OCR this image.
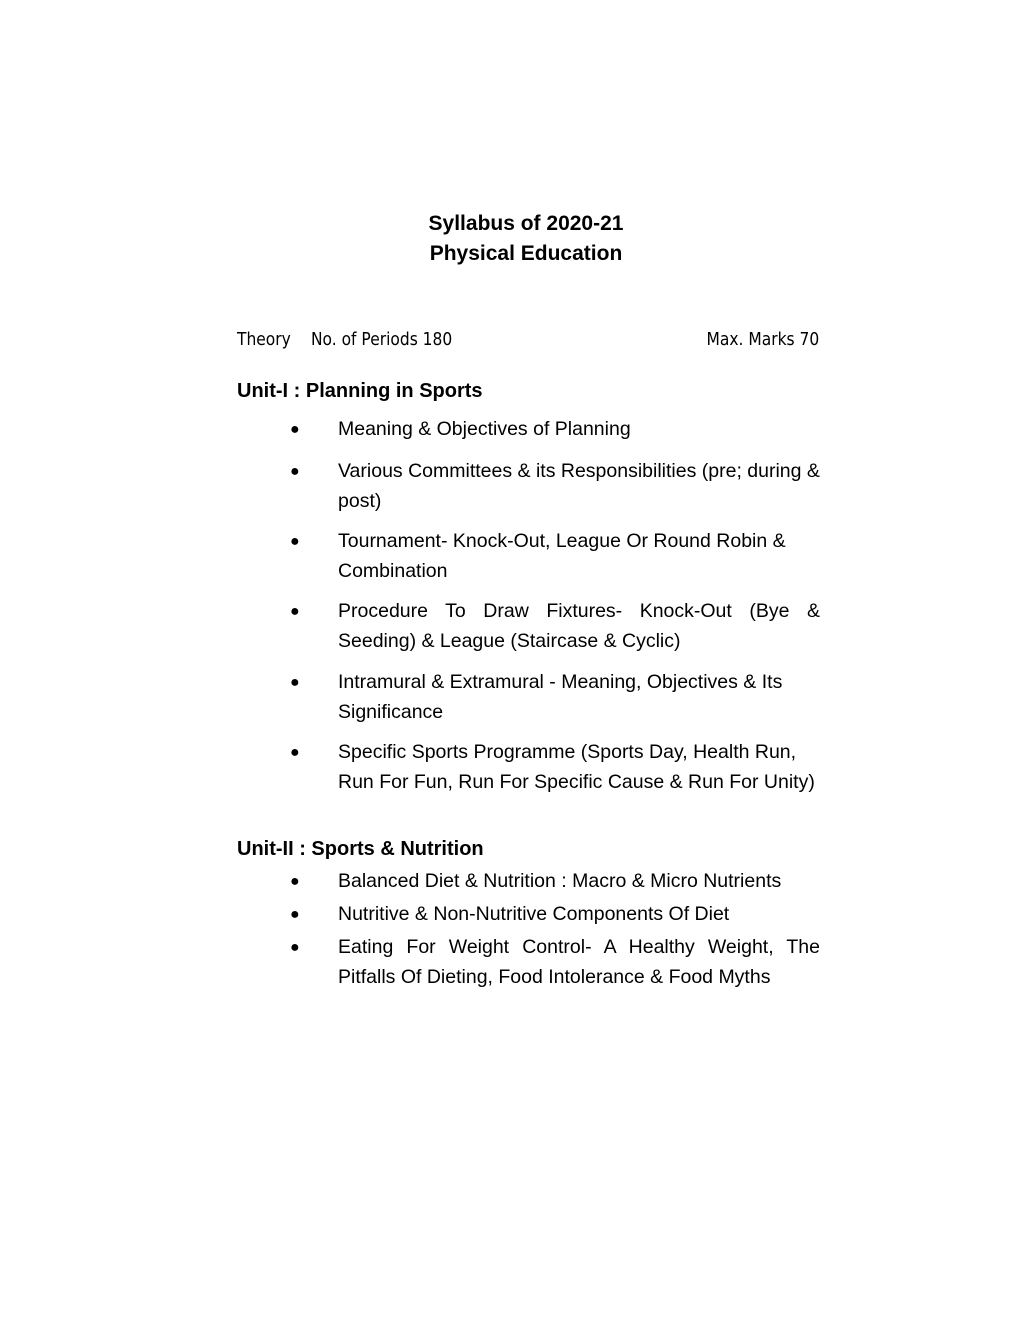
Syllabus of 2020-21
Physical Education
Theory No. of Periods 180	Max. Marks 70
Unit-I : Planning in Sports
● Meaning & Objectives of Planning
● Various Committees & its Responsibilities (pre; during & post)
● Tournament- Knock-Out, League Or Round Robin & Combination
● Procedure To Draw Fixtures- Knock-Out (Bye & Seeding) & League (Staircase & Cyclic)
● Intramural & Extramural - Meaning, Objectives & Its Significance
● Specific Sports Programme (Sports Day, Health Run, Run For Fun, Run For Specific Cause & Run For Unity)
Unit-II : Sports & Nutrition
● Balanced Diet & Nutrition : Macro & Micro Nutrients
● Nutritive & Non-Nutritive Components Of Diet
● Eating For Weight Control- A Healthy Weight, The Pitfalls Of Dieting, Food Intolerance & Food Myths
